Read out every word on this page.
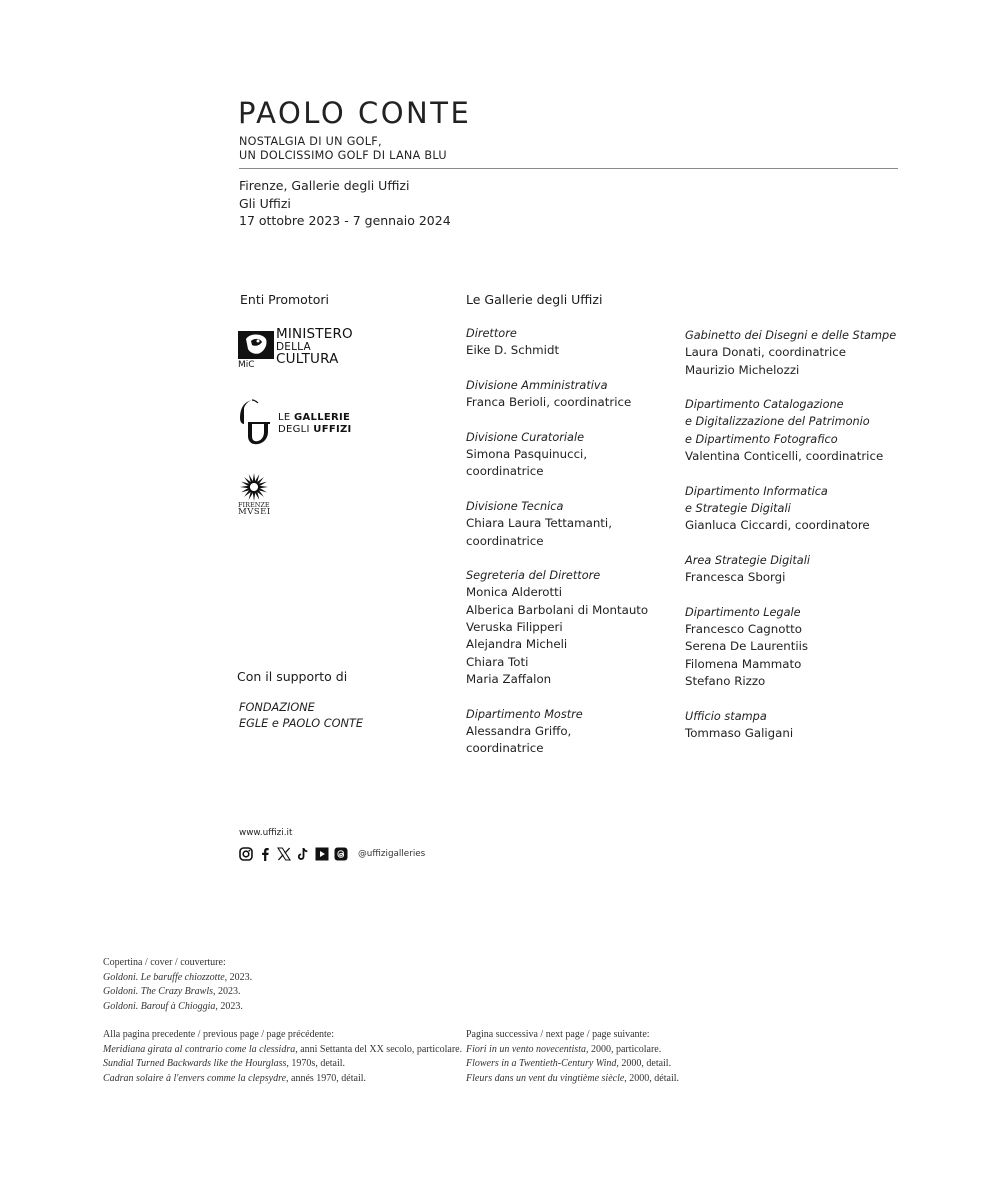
PAOLO CONTE
NOSTALGIA DI UN GOLF,
UN DOLCISSIMO GOLF DI LANA BLU
Firenze, Gallerie degli Uffizi
Gli Uffizi
17 ottobre 2023 - 7 gennaio 2024
Enti Promotori
MiC
MINISTERO
DELLA
CULTURA
LE GALLERIE
DEGLI UFFIZI
FIRENZE
MVSEI
Con il supporto di
FONDAZIONE
EGLE e PAOLO CONTE
Le Gallerie degli Uffizi
Direttore
Eike D. Schmidt
Divisione Amministrativa
Franca Berioli, coordinatrice
Divisione Curatoriale
Simona Pasquinucci,
coordinatrice
Divisione Tecnica
Chiara Laura Tettamanti,
coordinatrice
Segreteria del Direttore
Monica Alderotti
Alberica Barbolani di Montauto
Veruska Filipperi
Alejandra Micheli
Chiara Toti
Maria Zaffalon
Dipartimento Mostre
Alessandra Griffo,
coordinatrice
Gabinetto dei Disegni e delle Stampe
Laura Donati, coordinatrice
Maurizio Michelozzi
Dipartimento Catalogazione
e Digitalizzazione del Patrimonio
e Dipartimento Fotografico
Valentina Conticelli, coordinatrice
Dipartimento Informatica
e Strategie Digitali
Gianluca Ciccardi, coordinatore
Area Strategie Digitali
Francesca Sborgi
Dipartimento Legale
Francesco Cagnotto
Serena De Laurentiis
Filomena Mammato
Stefano Rizzo
Ufficio stampa
Tommaso Galigani
www.uffizi.it
@uffizigalleries
Copertina / cover / couverture:
Goldoni. Le baruffe chiozzotte, 2023.
Goldoni. The Crazy Brawls, 2023.
Goldoni. Barouf à Chioggia, 2023.
Alla pagina precedente / previous page / page précédente:
Meridiana girata al contrario come la clessidra, anni Settanta del XX secolo, particolare.
Sundial Turned Backwards like the Hourglass, 1970s, detail.
Cadran solaire à l'envers comme la clepsydre, annés 1970, détail.
Pagina successiva / next page / page suivante:
Fiori in un vento novecentista, 2000, particolare.
Flowers in a Twentieth-Century Wind, 2000, detail.
Fleurs dans un vent du vingtième siècle, 2000, détail.
